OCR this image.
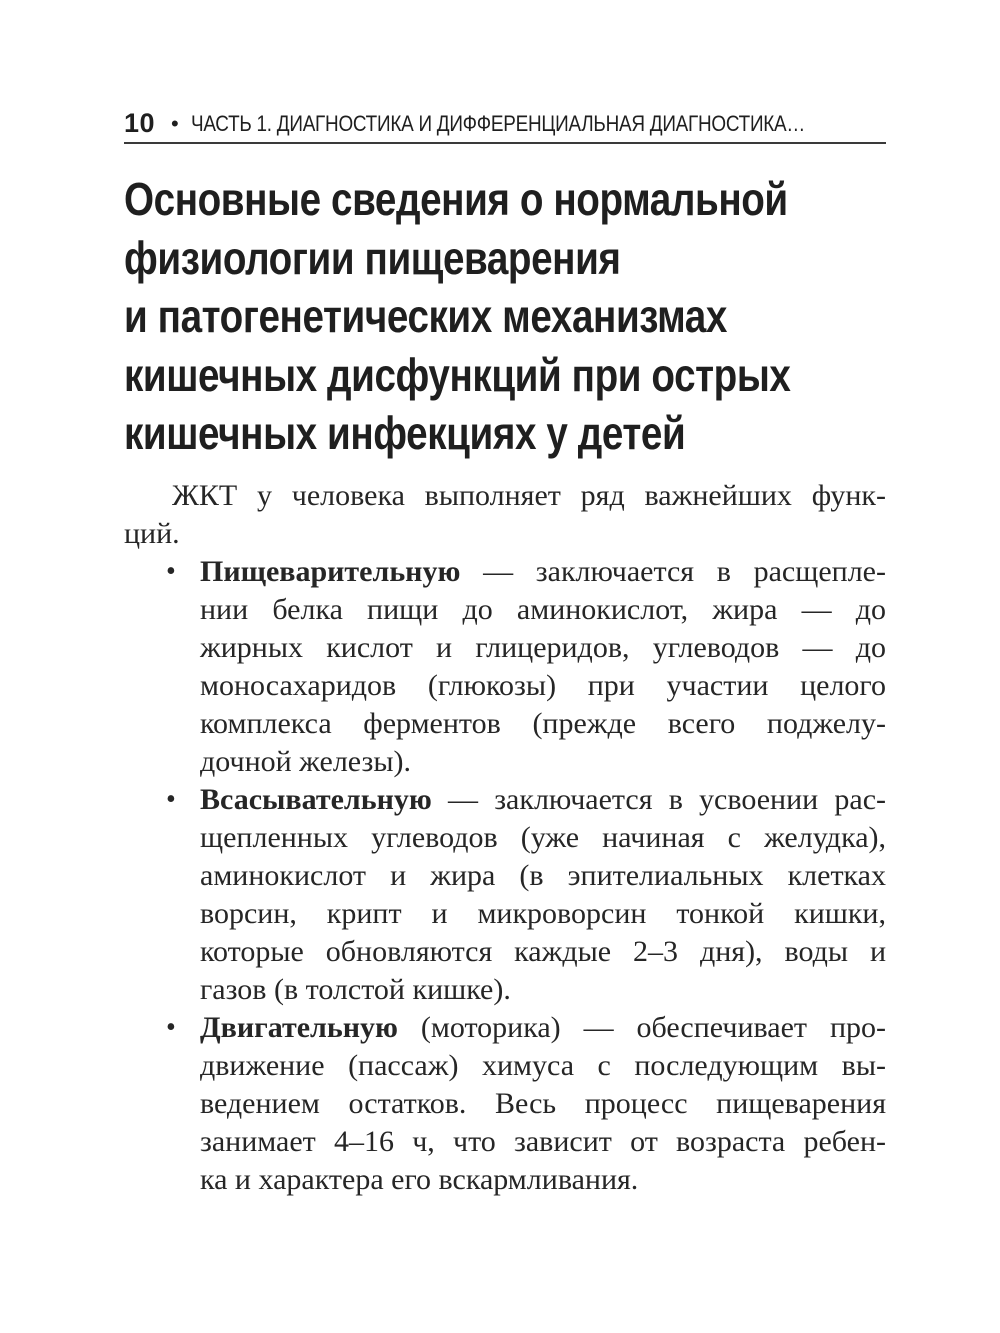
10 • ЧАСТЬ 1. ДИАГНОСТИКА И ДИФФЕРЕНЦИАЛЬНАЯ ДИАГНОСТИКА…
Основные сведения о нормальной
физиологии пищеварения
и патогенетических механизмах
кишечных дисфункций при острых
кишечных инфекциях у детей

ЖКТ у человека выполняет ряд важнейших функ-
ций.

• Пищеварительную — заключается в расщепле-
нии белка пищи до аминокислот, жира — до
жирных кислот и глицеридов, углеводов — до
моносахаридов (глюкозы) при участии целого
комплекса ферментов (прежде всего поджелу-
дочной железы).
• Всасывательную — заключается в усвоении рас-
щепленных углеводов (уже начиная с желудка),
аминокислот и жира (в эпителиальных клетках
ворсин, крипт и микроворсин тонкой кишки,
которые обновляются каждые 2–3 дня), воды и
газов (в толстой кишке).
• Двигательную (моторика) — обеспечивает про-
движение (пассаж) химуса с последующим вы-
ведением остатков. Весь процесс пищеварения
занимает 4–16 ч, что зависит от возраста ребен-
ка и характера его вскармливания.
